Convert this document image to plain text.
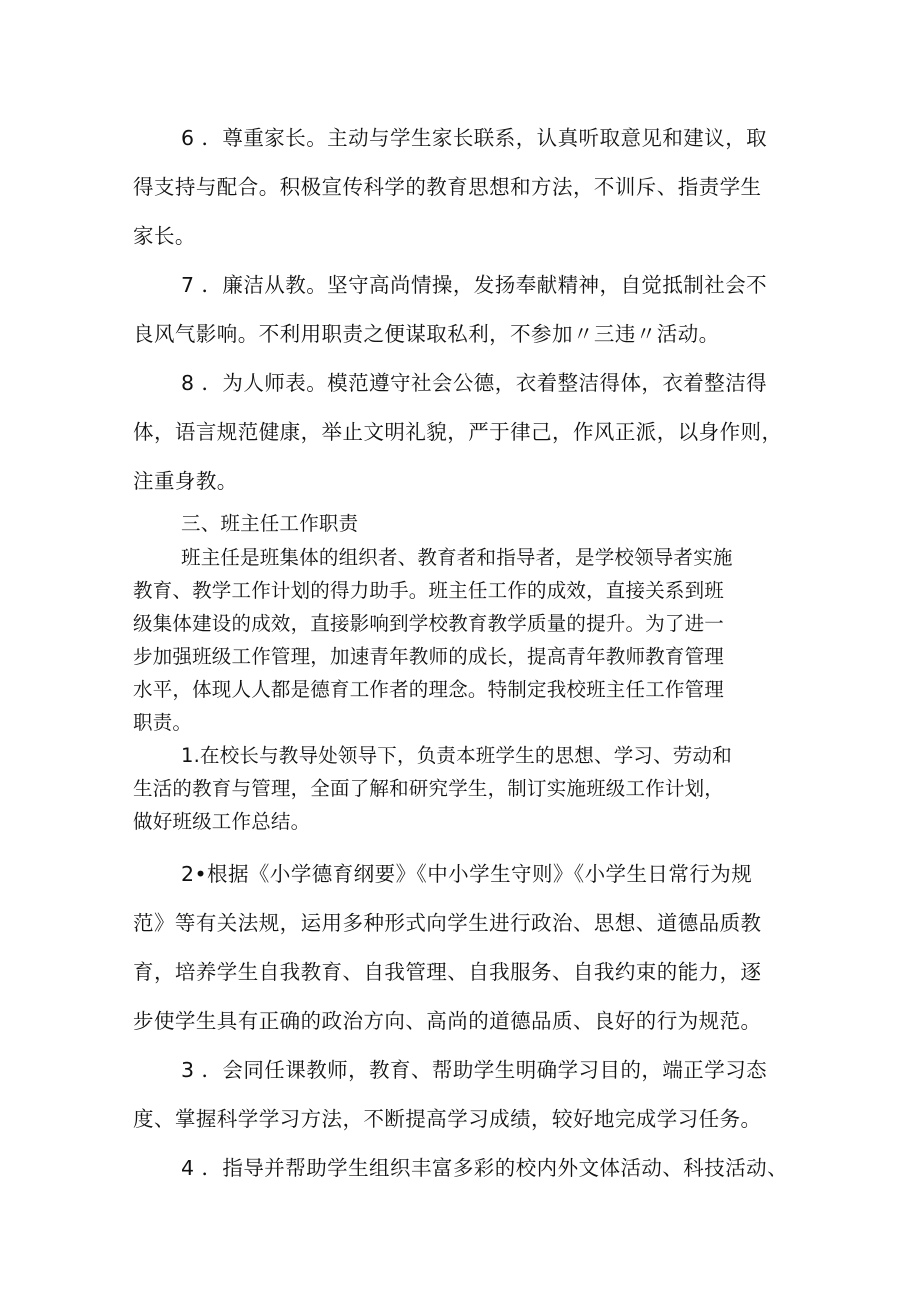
6 ．尊重家长。主动与学生家长联系，认真听取意见和建议，取
得支持与配合。积极宣传科学的教育思想和方法，不训斥、指责学生
家长。
7 ．廉洁从教。坚守高尚情操，发扬奉献精神，自觉抵制社会不
良风气影响。不利用职责之便谋取私利，不参加〃三违〃活动。
8 ．为人师表。模范遵守社会公德，衣着整洁得体，衣着整洁得
体，语言规范健康，举止文明礼貌，严于律己，作风正派，以身作则，
注重身教。
三、班主任工作职责
班主任是班集体的组织者、教育者和指导者，是学校领导者实施
教育、教学工作计划的得力助手。班主任工作的成效，直接关系到班
级集体建设的成效，直接影响到学校教育教学质量的提升。为了进一
步加强班级工作管理，加速青年教师的成长，提高青年教师教育管理
水平，体现人人都是德育工作者的理念。特制定我校班主任工作管理
职责。
1.在校长与教导处领导下，负责本班学生的思想、学习、劳动和
生活的教育与管理，全面了解和研究学生，制订实施班级工作计划，
做好班级工作总结。
2•根据《小学德育纲要》《中小学生守则》《小学生日常行为规
范》等有关法规，运用多种形式向学生进行政治、思想、道德品质教
育，培养学生自我教育、自我管理、自我服务、自我约束的能力，逐
步使学生具有正确的政治方向、高尚的道德品质、良好的行为规范。
3 ．会同任课教师，教育、帮助学生明确学习目的，端正学习态
度、掌握科学学习方法，不断提高学习成绩，较好地完成学习任务。
4 ．指导并帮助学生组织丰富多彩的校内外文体活动、科技活动、
